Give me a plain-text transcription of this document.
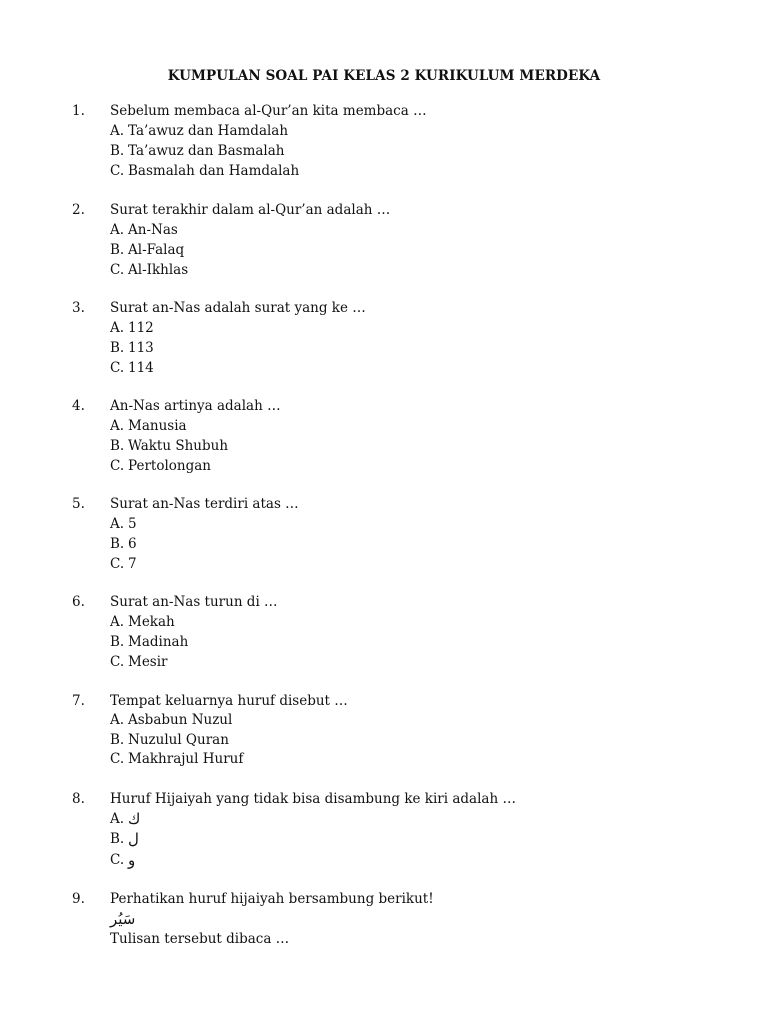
KUMPULAN SOAL PAI KELAS 2 KURIKULUM MERDEKA
1. Sebelum membaca al-Qur’an kita membaca …
A. Ta’awuz dan Hamdalah
B. Ta’awuz dan Basmalah
C. Basmalah dan Hamdalah
2. Surat terakhir dalam al-Qur’an adalah …
A. An-Nas
B. Al-Falaq
C. Al-Ikhlas
3. Surat an-Nas adalah surat yang ke …
A. 112
B. 113
C. 114
4. An-Nas artinya adalah …
A. Manusia
B. Waktu Shubuh
C. Pertolongan
5. Surat an-Nas terdiri atas …
A. 5
B. 6
C. 7
6. Surat an-Nas turun di …
A. Mekah
B. Madinah
C. Mesir
7. Tempat keluarnya huruf disebut …
A. Asbabun Nuzul
B. Nuzulul Quran
C. Makhrajul Huruf
8. Huruf Hijaiyah yang tidak bisa disambung ke kiri adalah …
A. ك
B. ل
C. و
9. Perhatikan huruf hijaiyah bersambung berikut!
سَيُر
Tulisan tersebut dibaca …
